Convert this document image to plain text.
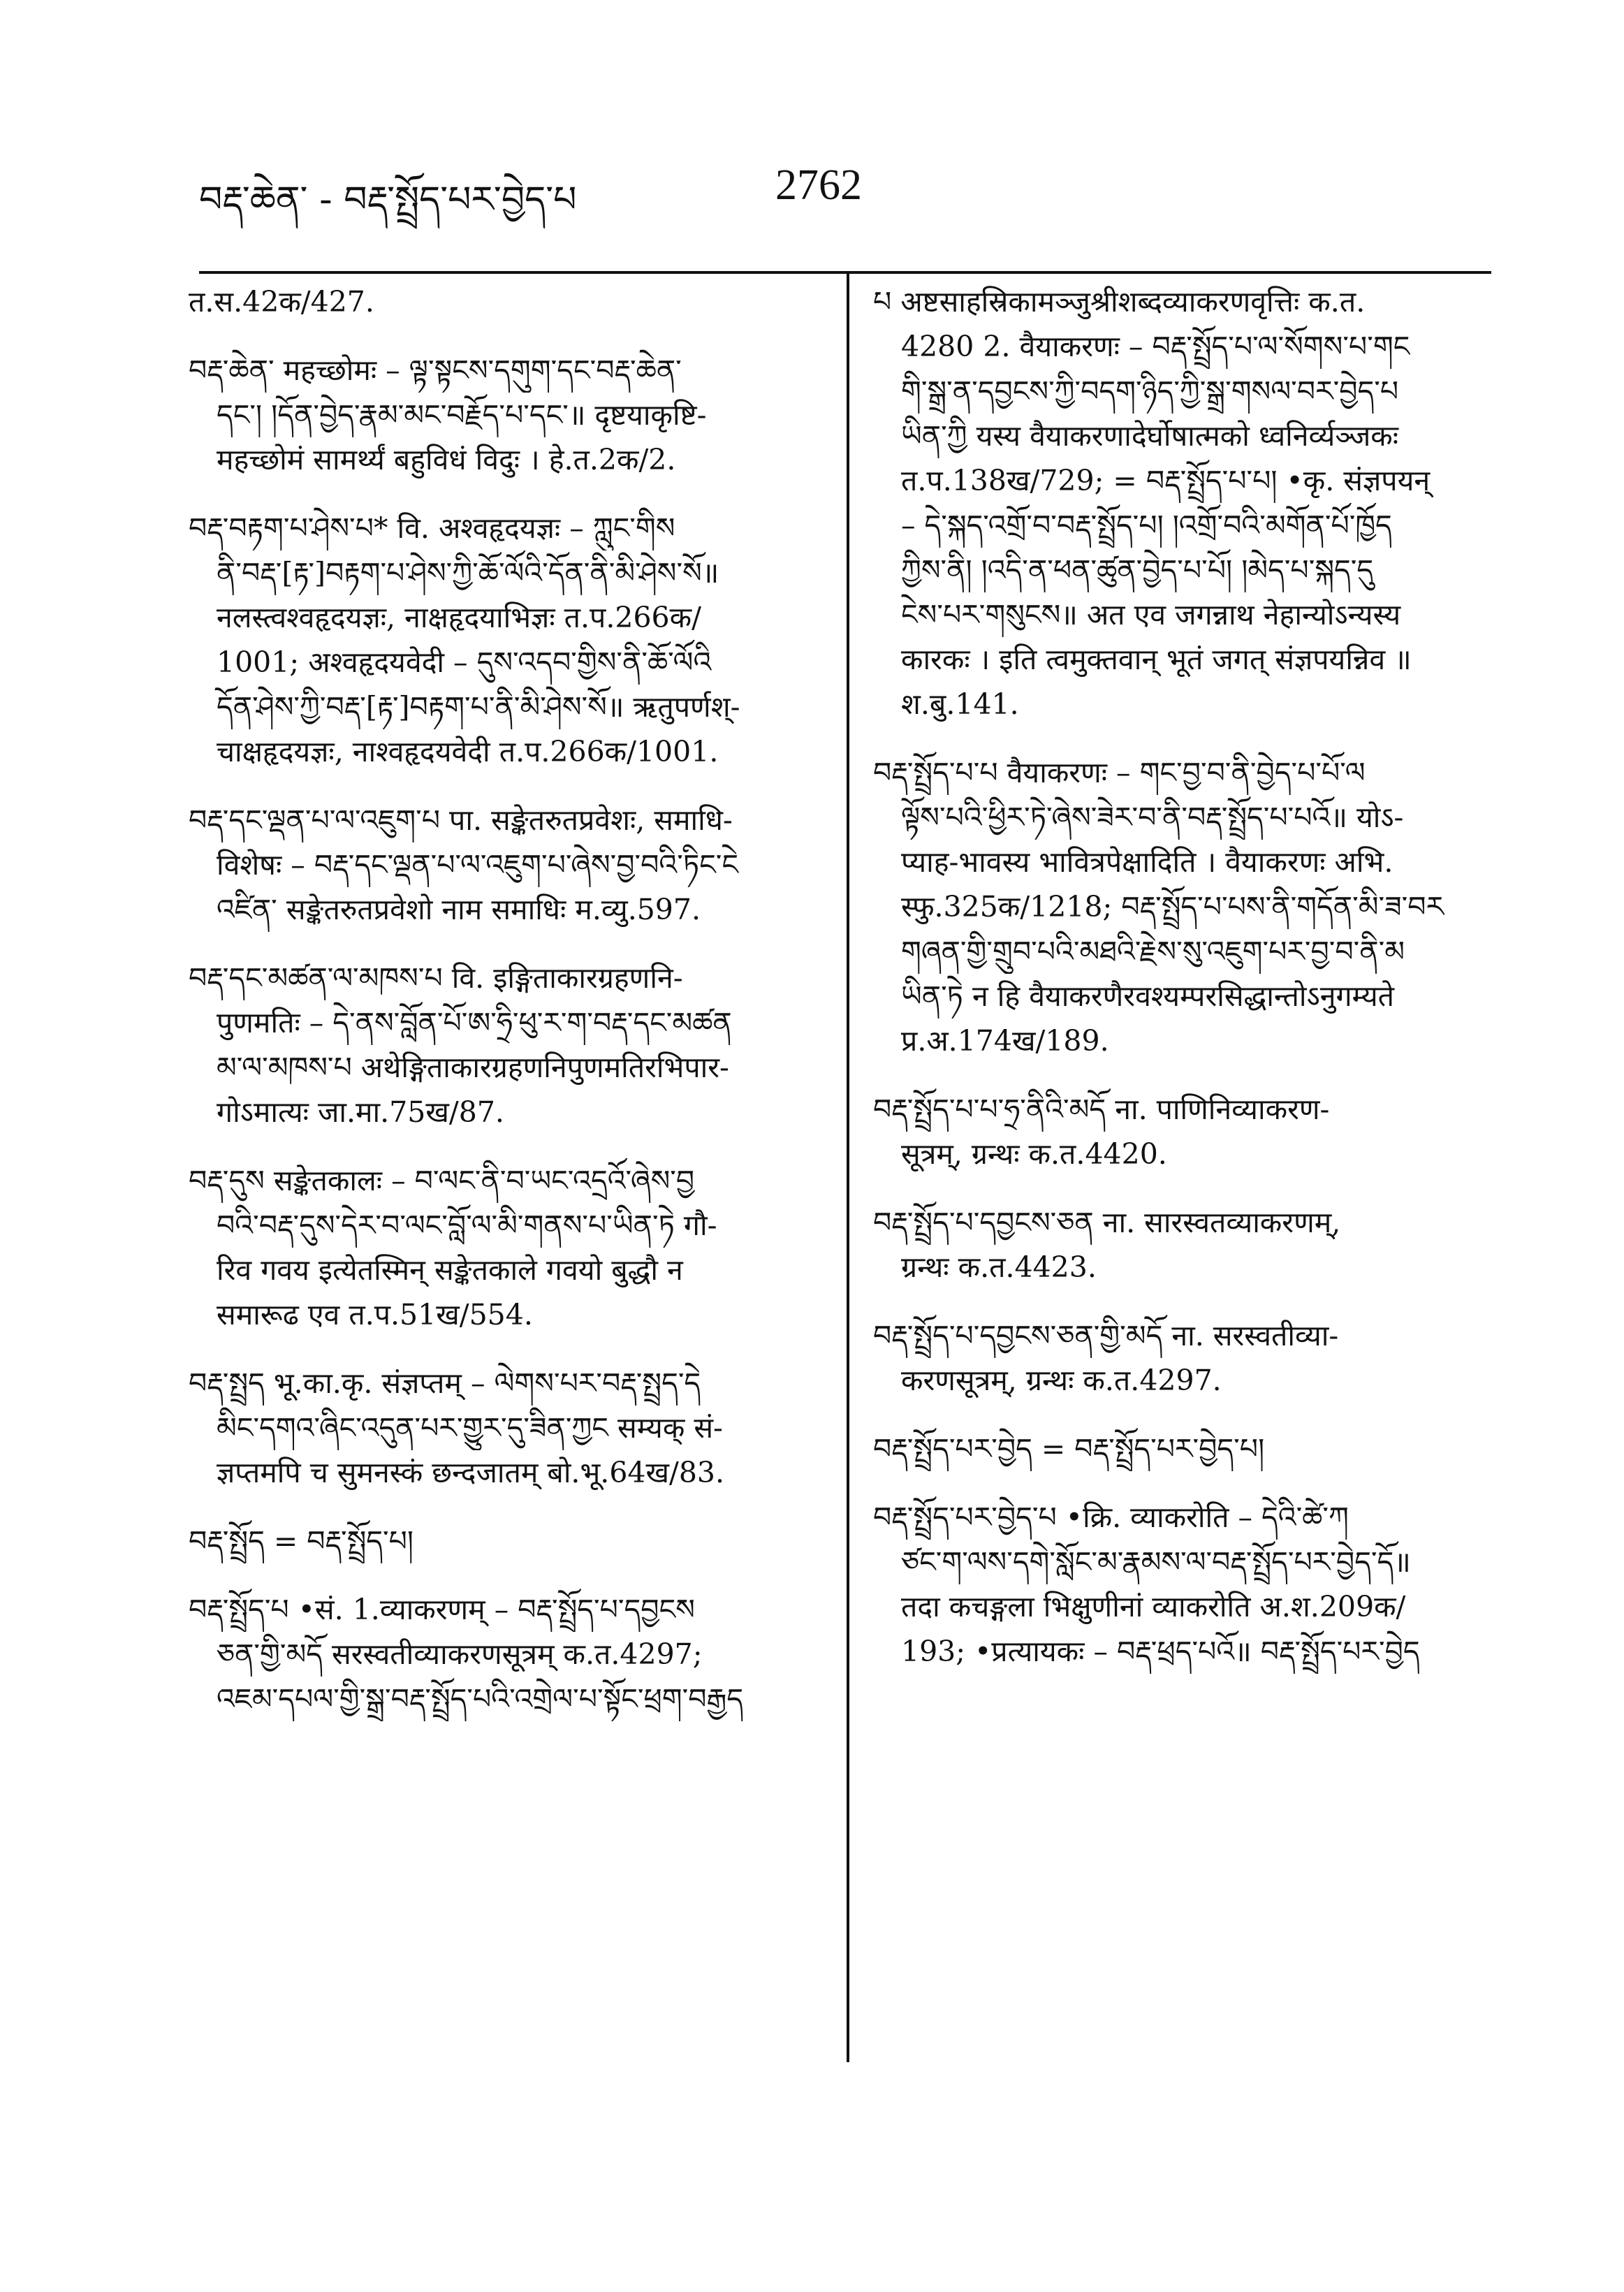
བརྡ་ཆེན་ - བརྡ་སྤྲོད་པར་བྱེད་པ	2762
त.स.42क/427.
བརྡ་ཆེན་ महच्छोमः – ལྟ་སྟངས་དགུག་དང་བརྡ་ཆེན་
དང་། །དོན་བྱེད་རྣམ་མང་བརྗོད་པ་དང་॥ दृष्टयाकृष्टि-
महच्छोमं सामर्थ्यं बहुविधं विदुः । हे.त.2क/2.
བརྡ་བརྟག་པ་ཤེས་པ* वि. अश्वहृदयज्ञः – ཀླུང་གིས
ནི་བརྡ་[རྟ་]བརྟག་པ་ཤེས་ཀྱི་ཆོ་ལོའི་དོན་ནི་མི་ཤེས་སོ॥
नलस्त्वश्वहृदयज्ञः, नाक्षहृदयाभिज्ञः त.प.266क/
1001; अश्वहृदयवेदी – དུས་འདབ་གྱིས་ནི་ཆོ་ལོའི
དོན་ཤེས་ཀྱི་བརྡ་[རྟ་]བརྟག་པ་ནི་མི་ཤེས་སོ॥ ऋतुपर्णश्-
चाक्षहृदयज्ञः, नाश्वहृदयवेदी त.प.266क/1001.
བརྡ་དང་ལྡན་པ་ལ་འཇུག་པ पा. सङ्केतरुतप्रवेशः, समाधि-
विशेषः – བརྡ་དང་ལྡན་པ་ལ་འཇུག་པ་ཞེས་བྱ་བའི་ཏིང་ངེ
འཛིན་ सङ्केतरुतप्रवेशो नाम समाधिः म.व्यु.597.
བརྡ་དང་མཚན་ལ་མཁས་པ वि. इङ्गिताकारग्रहणनि-
पुणमतिः – དེ་ནས་བློན་པོ་ཨ་ཧྲི་ཕུ་ར་ག་བརྡ་དང་མཚན
མ་ལ་མཁས་པ अथेङ्गिताकारग्रहणनिपुणमतिरभिपार-
गोऽमात्यः जा.मा.75ख/87.
བརྡ་དུས सङ्केतकालः – བ་ལང་ནི་བ་ཡང་འདྲའོ་ཞེས་བྱ
བའི་བརྡ་དུས་དེར་བ་ལང་བློ་ལ་མི་གནས་པ་ཡིན་ཏེ गौ-
रिव गवय इत्येतस्मिन् सङ्केतकाले गवयो बुद्धौ न
समारूढ एव त.प.51ख/554.
བརྡ་སྤྲད भू.का.कृ. संज्ञप्तम् – ལེགས་པར་བརྡ་སྤྲད་དེ
མིང་དགའ་ཞིང་འདུན་པར་གྱུར་དུ་ཟིན་ཀྱང सम्यक् सं-
ज्ञप्तमपि च सुमनस्कं छन्दजातम् बो.भू.64ख/83.
བརྡ་སྤྲོད = བརྡ་སྤྲོད་པ།
བརྡ་སྤྲོད་པ •सं. 1.व्याकरणम् – བརྡ་སྤྲོད་པ་དབྱངས
ཅན་གྱི་མདོ सरस्वतीव्याकरणसूत्रम् क.त.4297;
འཇམ་དཔལ་གྱི་སྒྲ་བརྡ་སྤྲོད་པའི་འགྲེལ་པ་སྟོང་ཕྲག་བརྒྱད
པ अष्टसाहस्रिकामञ्जुश्रीशब्दव्याकरणवृत्तिः क.त.
4280 2. वैयाकरणः – བརྡ་སྤྲོད་པ་ལ་སོགས་པ་གང
གི་སྒྲ་ན་དབྱངས་ཀྱི་བདག་ཉིད་ཀྱི་སྒྲ་གསལ་བར་བྱེད་པ
ཡིན་ཀྱི यस्य वैयाकरणादेर्घोषात्मको ध्वनिर्व्यञ्जकः
त.प.138ख/729; = བརྡ་སྤྲོད་པ་པ། •कृ. संज्ञपयन्
– དེ་སྐད་འགྲོ་བ་བརྡ་སྤྲོད་པ། །འགྲོ་བའི་མགོན་པོ་ཁྱོད
ཀྱིས་ནི། །འདི་ན་ཕན་ཚུན་བྱེད་པ་པོ། །མེད་པ་སྐད་དུ
ངེས་པར་གསུངས॥ अत एव जगन्नाथ नेहान्योऽन्यस्य
कारकः । इति त्वमुक्तवान् भूतं जगत् संज्ञपयन्निव ॥
श.बु.141.
བརྡ་སྤྲོད་པ་པ वैयाकरणः – གང་བྱ་བ་ནི་བྱེད་པ་པོ་ལ
ལྟོས་པའི་ཕྱིར་ཏེ་ཞེས་ཟེར་བ་ནི་བརྡ་སྤྲོད་པ་པའོ॥ योऽ-
प्याह-भावस्य भावित्रपेक्षादिति । वैयाकरणः अभि.
स्फु.325क/1218; བརྡ་སྤྲོད་པ་པས་ནི་གདོན་མི་ཟ་བར
གཞན་གྱི་གྲུབ་པའི་མཐའི་རྗེས་སུ་འཇུག་པར་བྱ་བ་ནི་མ
ཡིན་ཏེ न हि वैयाकरणैरवश्यम्परसिद्धान्तोऽनुगम्यते
प्र.अ.174ख/189.
བརྡ་སྤྲོད་པ་པ་ཧྲ་ནིའི་མདོ ना. पाणिनिव्याकरण-
सूत्रम्, ग्रन्थः क.त.4420.
བརྡ་སྤྲོད་པ་དབྱངས་ཅན ना. सारस्वतव्याकरणम्,
ग्रन्थः क.त.4423.
བརྡ་སྤྲོད་པ་དབྱངས་ཅན་གྱི་མདོ ना. सरस्वतीव्या-
करणसूत्रम्, ग्रन्थः क.त.4297.
བརྡ་སྤྲོད་པར་བྱེད = བརྡ་སྤྲོད་པར་བྱེད་པ།
བརྡ་སྤྲོད་པར་བྱེད་པ •क्रि. व्याकरोति – དེའི་ཚེ་ཀ
ཙང་ག་ལས་དགེ་སློང་མ་རྣམས་ལ་བརྡ་སྤྲོད་པར་བྱེད་དོ॥
तदा कचङ्गला भिक्षुणीनां व्याकरोति अ.श.209क/
193; •प्रत्यायकः – བརྡ་ཕྲད་པའོ॥ བརྡ་སྤྲོད་པར་བྱེད
